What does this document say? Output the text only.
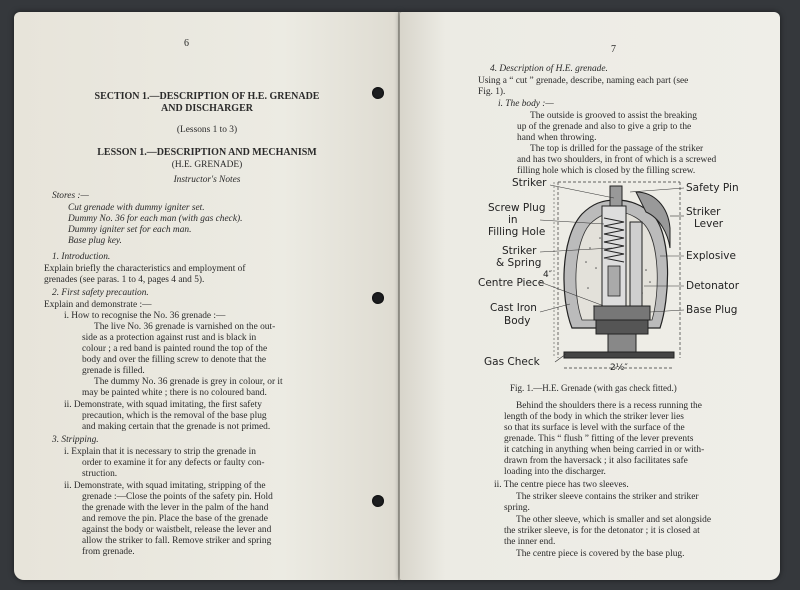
6
SECTION 1.—DESCRIPTION OF H.E. GRENADE
AND DISCHARGER
(Lessons 1 to 3)
LESSON 1.—DESCRIPTION AND MECHANISM
(H.E. GRENADE)
Instructor's Notes
Stores :—
Cut grenade with dummy igniter set.
Dummy No. 36 for each man (with gas check).
Dummy igniter set for each man.
Base plug key.
1. Introduction.
Explain briefly the characteristics and employment of
grenades (see paras. 1 to 4, pages 4 and 5).
2. First safety precaution.
Explain and demonstrate :—
i. How to recognise the No. 36 grenade :—
The live No. 36 grenade is varnished on the out-
side as a protection against rust and is black in
colour ; a red band is painted round the top of the
body and over the filling screw to denote that the
grenade is filled.
The dummy No. 36 grenade is grey in colour, or it
may be painted white ; there is no coloured band.
ii. Demonstrate, with squad imitating, the first safety
precaution, which is the removal of the base plug
and making certain that the grenade is not primed.
3. Stripping.
i. Explain that it is necessary to strip the grenade in
order to examine it for any defects or faulty con-
struction.
ii. Demonstrate, with squad imitating, stripping of the
grenade :—Close the points of the safety pin. Hold
the grenade with the lever in the palm of the hand
and remove the pin. Place the base of the grenade
against the body or waistbelt, release the lever and
allow the striker to fall. Remove striker and spring
from grenade.
7
4. Description of H.E. grenade.
Using a “ cut ” grenade, describe, naming each part (see
Fig. 1).
i. The body :—
The outside is grooved to assist the breaking
up of the grenade and also to give a grip to the
hand when throwing.
The top is drilled for the passage of the striker
and has two shoulders, in front of which is a screwed
filling hole which is closed by the filling screw.
Striker
Screw Plug
in
Filling Hole
Striker
& Spring
Centre Piece
Cast Iron
Body
Gas Check
Safety Pin
Striker
Lever
Explosive
Detonator
Base Plug
2½″
4″
Fig. 1.—H.E. Grenade (with gas check fitted.)
Behind the shoulders there is a recess running the
length of the body in which the striker lever lies
so that its surface is level with the surface of the
grenade. This “ flush ” fitting of the lever prevents
it catching in anything when being carried in or with-
drawn from the haversack ; it also facilitates safe
loading into the discharger.
ii. The centre piece has two sleeves.
The striker sleeve contains the striker and striker
spring.
The other sleeve, which is smaller and set alongside
the striker sleeve, is for the detonator ; it is closed at
the inner end.
The centre piece is covered by the base plug.
